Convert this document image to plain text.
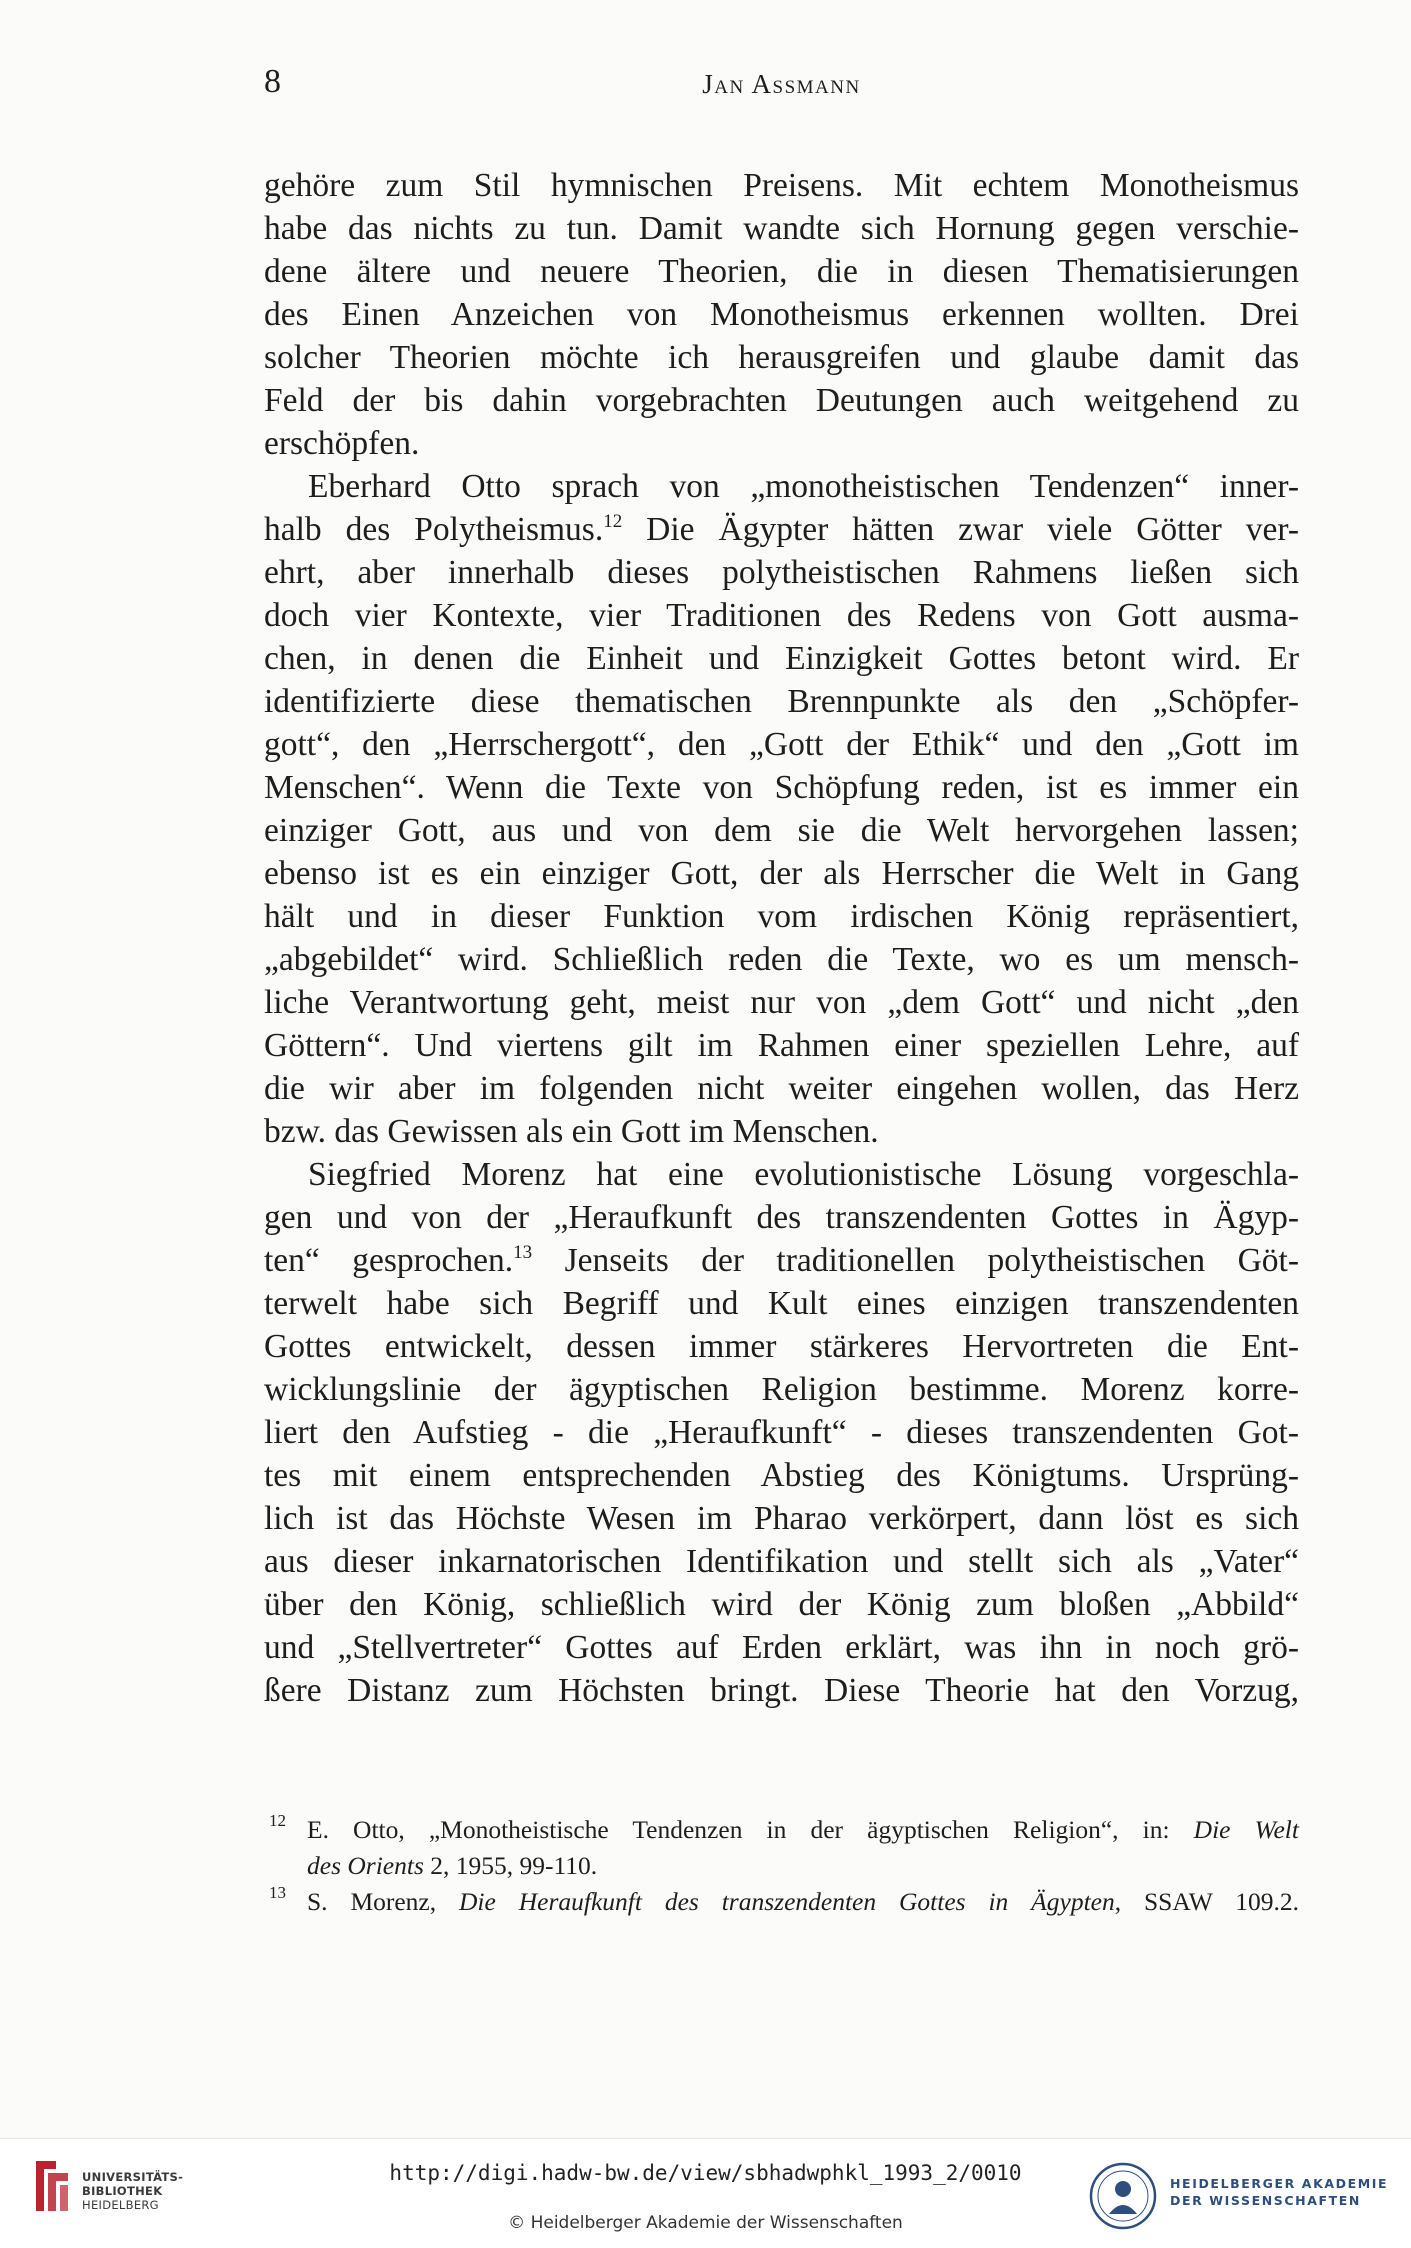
8	Jan Assmann
gehöre zum Stil hymnischen Preisens. Mit echtem Monotheismus
habe das nichts zu tun. Damit wandte sich Hornung gegen verschie-
dene ältere und neuere Theorien, die in diesen Thematisierungen
des Einen Anzeichen von Monotheismus erkennen wollten. Drei
solcher Theorien möchte ich herausgreifen und glaube damit das
Feld der bis dahin vorgebrachten Deutungen auch weitgehend zu
erschöpfen.
Eberhard Otto sprach von „monotheistischen Tendenzen“ inner-
halb des Polytheismus.$^{12}$ Die Ägypter hätten zwar viele Götter ver-
ehrt, aber innerhalb dieses polytheistischen Rahmens ließen sich
doch vier Kontexte, vier Traditionen des Redens von Gott ausma-
chen, in denen die Einheit und Einzigkeit Gottes betont wird. Er
identifizierte diese thematischen Brennpunkte als den „Schöpfer-
gott“, den „Herrschergott“, den „Gott der Ethik“ und den „Gott im
Menschen“. Wenn die Texte von Schöpfung reden, ist es immer ein
einziger Gott, aus und von dem sie die Welt hervorgehen lassen;
ebenso ist es ein einziger Gott, der als Herrscher die Welt in Gang
hält und in dieser Funktion vom irdischen König repräsentiert,
„abgebildet“ wird. Schließlich reden die Texte, wo es um mensch-
liche Verantwortung geht, meist nur von „dem Gott“ und nicht „den
Göttern“. Und viertens gilt im Rahmen einer speziellen Lehre, auf
die wir aber im folgenden nicht weiter eingehen wollen, das Herz
bzw. das Gewissen als ein Gott im Menschen.
Siegfried Morenz hat eine evolutionistische Lösung vorgeschla-
gen und von der „Heraufkunft des transzendenten Gottes in Ägyp-
ten“ gesprochen.$^{13}$ Jenseits der traditionellen polytheistischen Göt-
terwelt habe sich Begriff und Kult eines einzigen transzendenten
Gottes entwickelt, dessen immer stärkeres Hervortreten die Ent-
wicklungslinie der ägyptischen Religion bestimme. Morenz korre-
liert den Aufstieg - die „Heraufkunft“ - dieses transzendenten Got-
tes mit einem entsprechenden Abstieg des Königtums. Ursprüng-
lich ist das Höchste Wesen im Pharao verkörpert, dann löst es sich
aus dieser inkarnatorischen Identifikation und stellt sich als „Vater“
über den König, schließlich wird der König zum bloßen „Abbild“
und „Stellvertreter“ Gottes auf Erden erklärt, was ihn in noch grö-
ßere Distanz zum Höchsten bringt. Diese Theorie hat den Vorzug,
12 E. Otto, „Monotheistische Tendenzen in der ägyptischen Religion“, in: Die Welt
des Orients 2, 1955, 99-110.
13 S. Morenz, Die Heraufkunft des transzendenten Gottes in Ägypten, SSAW 109.2.
UNIVERSITÄTS-
BIBLIOTHEK
HEIDELBERG
http://digi.hadw-bw.de/view/sbhadwphkl_1993_2/0010
© Heidelberger Akademie der Wissenschaften
HEIDELBERGER AKADEMIE
DER WISSENSCHAFTEN
